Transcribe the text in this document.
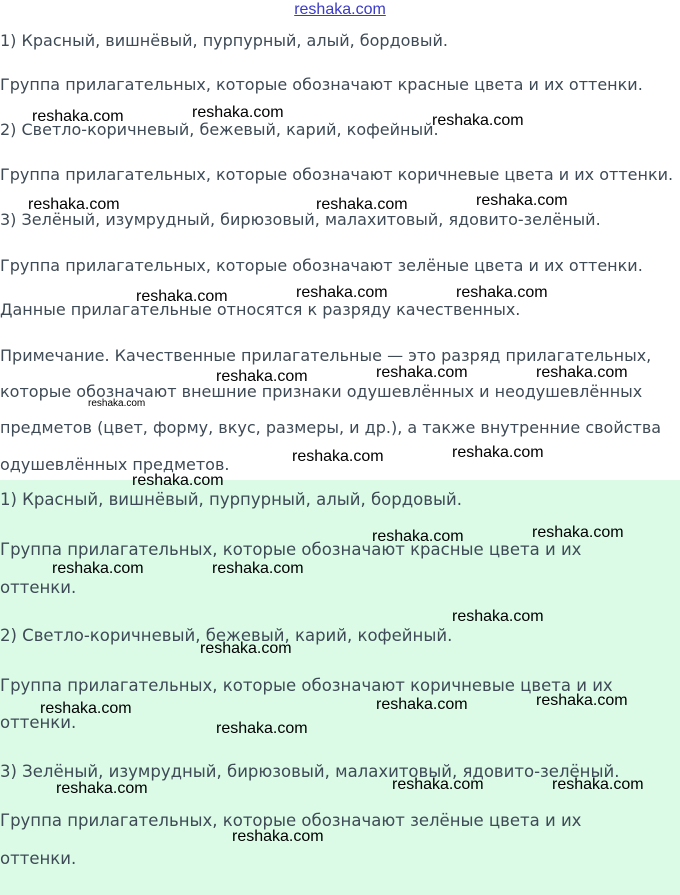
reshaka.com
1) Красный, вишнёвый, пурпурный, алый, бордовый.
Группа прилагательных, которые обозначают красные цвета и их оттенки.
2) Светло-коричневый, бежевый, карий, кофейный.
Группа прилагательных, которые обозначают коричневые цвета и их оттенки.
3) Зелёный, изумрудный, бирюзовый, малахитовый, ядовито-зелёный.
Группа прилагательных, которые обозначают зелёные цвета и их оттенки.
Данные прилагательные относятся к разряду качественных.
Примечание. Качественные прилагательные — это разряд прилагательных,
которые обозначают внешние признаки одушевлённых и неодушевлённых
предметов (цвет, форму, вкус, размеры, и др.), а также внутренние свойства
одушевлённых предметов.
1) Красный, вишнёвый, пурпурный, алый, бордовый.
Группа прилагательных, которые обозначают красные цвета и их
оттенки.
2) Светло-коричневый, бежевый, карий, кофейный.
Группа прилагательных, которые обозначают коричневые цвета и их
оттенки.
3) Зелёный, изумрудный, бирюзовый, малахитовый, ядовито-зелёный.
Группа прилагательных, которые обозначают зелёные цвета и их
оттенки.
reshaka.com	reshaka.com	reshaka.com
reshaka.com	reshaka.com	reshaka.com
reshaka.com	reshaka.com	reshaka.com
reshaka.com	reshaka.com	reshaka.com
reshaka.com
reshaka.com	reshaka.com
reshaka.com
reshaka.com	reshaka.com
reshaka.com	reshaka.com
reshaka.com
reshaka.com
reshaka.com	reshaka.com	reshaka.com
reshaka.com
reshaka.com	reshaka.com	reshaka.com
reshaka.com
